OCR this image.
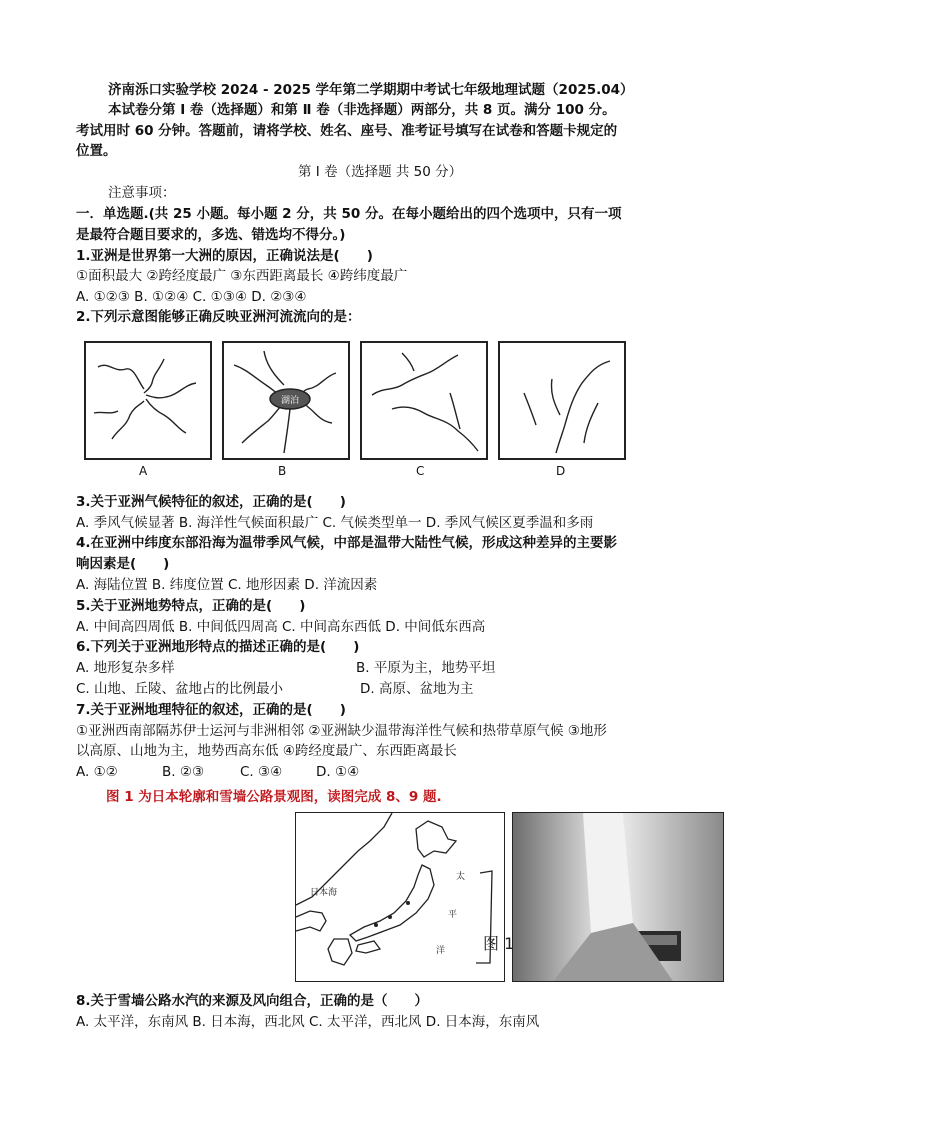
济南泺口实验学校 2024 - 2025 学年第二学期期中考试七年级地理试题（2025.04）
本试卷分第 Ⅰ 卷（选择题）和第 Ⅱ 卷（非选择题）两部分，共 8 页。满分 100 分。
考试用时 60 分钟。答题前，请将学校、姓名、座号、准考证号填写在试卷和答题卡规定的
位置。
第 Ⅰ 卷（选择题 共 50 分）
注意事项：
一．单选题.(共 25 小题。每小题 2 分，共 50 分。在每小题给出的四个选项中，只有一项
是最符合题目要求的，多选、错选均不得分。)
1.亚洲是世界第一大洲的原因，正确说法是(　　)
①面积最大 ②跨经度最广 ③东西距离最长 ④跨纬度最广
A. ①②③ B. ①②④ C. ①③④ D. ②③④
2.下列示意图能够正确反映亚洲河流流向的是：
湖泊
A	B	C	D
3.关于亚洲气候特征的叙述，正确的是(　　)
A. 季风气候显著 B. 海洋性气候面积最广 C. 气候类型单一 D. 季风气候区夏季温和多雨
4.在亚洲中纬度东部沿海为温带季风气候，中部是温带大陆性气候，形成这种差异的主要影
响因素是(　　)
A. 海陆位置 B. 纬度位置 C. 地形因素 D. 洋流因素
5.关于亚洲地势特点，正确的是(　　)
A. 中间高四周低 B. 中间低四周高 C. 中间高东西低 D. 中间低东西高
6.下列关于亚洲地形特点的描述正确的是(　　)
A. 地形复杂多样	B. 平原为主，地势平坦
C. 山地、丘陵、盆地占的比例最小	D. 高原、盆地为主
7.关于亚洲地理特征的叙述，正确的是(　　)
①亚洲西南部隔苏伊士运河与非洲相邻 ②亚洲缺少温带海洋性气候和热带草原气候 ③地形
以高原、山地为主，地势西高东低 ④跨经度最广、东西距离最长
A. ①②	B. ②③	C. ③④	D. ①④
图 1 为日本轮廓和雪墙公路景观图，读图完成 8、9 题.
日本海
太
平
洋 图 1
8.关于雪墙公路水汽的来源及风向组合，正确的是（　　）
A. 太平洋，东南风 B. 日本海，西北风 C. 太平洋，西北风 D. 日本海，东南风
